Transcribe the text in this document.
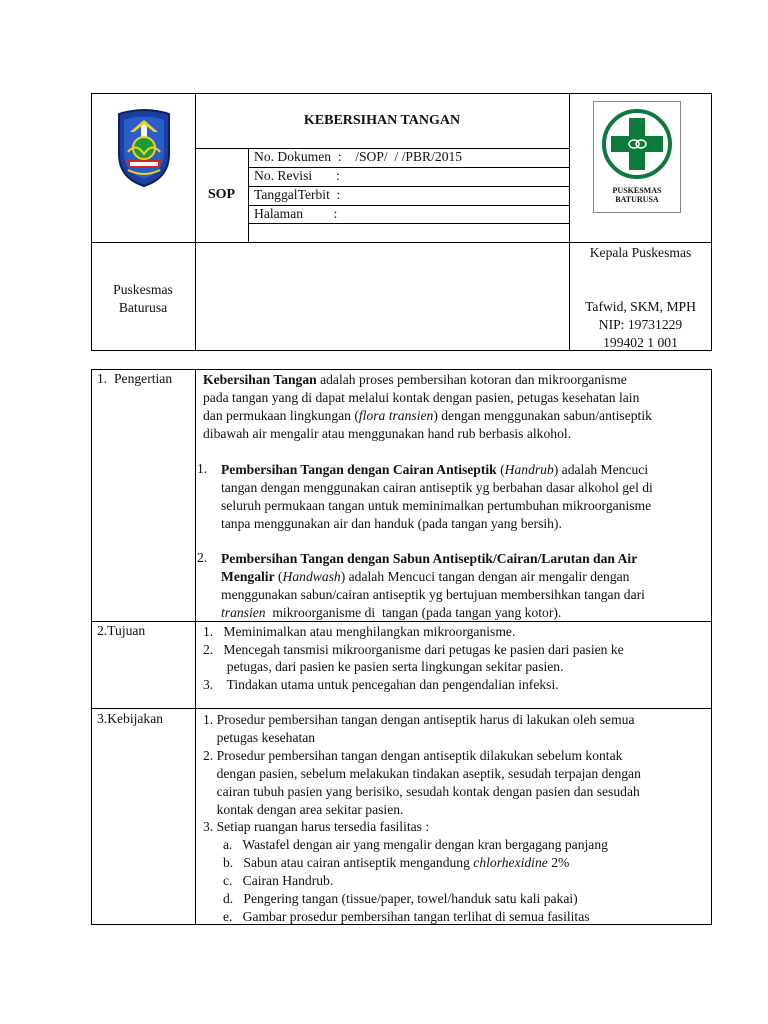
KEBERSIHAN TANGAN
SOP
No. Dokumen  :    /SOP/  / /PBR/2015
No. Revisi       :
TanggalTerbit  :
Halaman         :
PUSKESMAS
BATURUSA
Puskesmas
Baturusa
Kepala Puskesmas
Tafwid, SKM, MPH
NIP: 19731229
199402 1 001
1.  Pengertian Kebersihan Tangan adalah proses pembersihan kotoran dan mikroorganisme
pada tangan yang di dapat melalui kontak dengan pasien, petugas kesehatan lain
dan permukaan lingkungan (flora transien) dengan menggunakan sabun/antiseptik
dibawah air mengalir atau menggunakan hand rub berbasis alkohol.
1. Pembersihan Tangan dengan Cairan Antiseptik (Handrub) adalah Mencuci
tangan dengan menggunakan cairan antiseptik yg berbahan dasar alkohol gel di
seluruh permukaan tangan untuk meminimalkan pertumbuhan mikroorganisme
tanpa menggunakan air dan handuk (pada tangan yang bersih).
2. Pembersihan Tangan dengan Sabun Antiseptik/Cairan/Larutan dan Air
Mengalir (Handwash) adalah Mencuci tangan dengan air mengalir dengan
menggunakan sabun/cairan antiseptik yg bertujuan membersihkan tangan dari
transien  mikroorganisme di  tangan (pada tangan yang kotor).
2.Tujuan	1.   Meminimalkan atau menghilangkan mikroorganisme.
2.   Mencegah tansmisi mikroorganisme dari petugas ke pasien dari pasien ke
petugas, dari pasien ke pasien serta lingkungan sekitar pasien.
3.    Tindakan utama untuk pencegahan dan pengendalian infeksi.
3.Kebijakan	1. Prosedur pembersihan tangan dengan antiseptik harus di lakukan oleh semua
petugas kesehatan
2. Prosedur pembersihan tangan dengan antiseptik dilakukan sebelum kontak
dengan pasien, sebelum melakukan tindakan aseptik, sesudah terpajan dengan
cairan tubuh pasien yang berisiko, sesudah kontak dengan pasien dan sesudah
kontak dengan area sekitar pasien.
3. Setiap ruangan harus tersedia fasilitas :
a.   Wastafel dengan air yang mengalir dengan kran bergagang panjang
b.   Sabun atau cairan antiseptik mengandung chlorhexidine 2%
c.   Cairan Handrub.
d.   Pengering tangan (tissue/paper, towel/handuk satu kali pakai)
e.   Gambar prosedur pembersihan tangan terlihat di semua fasilitas
